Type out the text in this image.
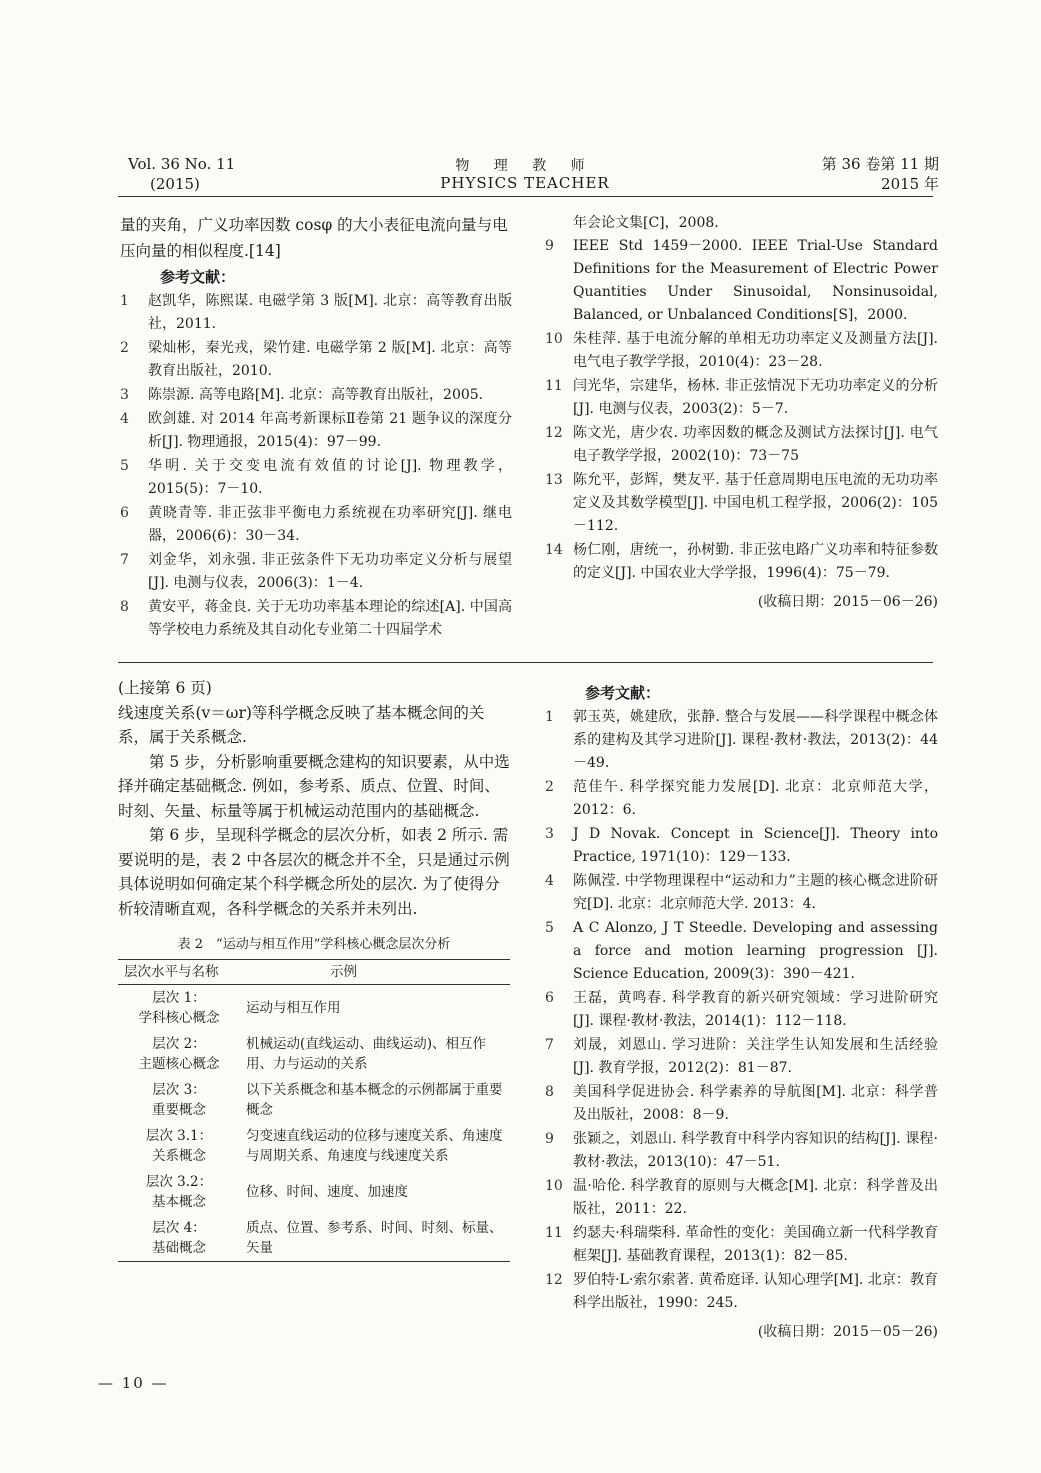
Vol. 36 No. 11
(2015)
物 理 教 师
PHYSICS TEACHER
第 36 卷第 11 期
2015 年
量的夹角，广义功率因数 cosφ 的大小表征电流向量与电压向量的相似程度.[14]
参考文献：
1	赵凯华，陈熙谋. 电磁学第 3 版[M]. 北京：高等教育出版社，2011.
2	梁灿彬，秦光戎，梁竹建. 电磁学第 2 版[M]. 北京：高等教育出版社，2010.
3	陈崇源. 高等电路[M]. 北京：高等教育出版社，2005.
4	欧剑雄. 对 2014 年高考新课标Ⅱ卷第 21 题争议的深度分析[J]. 物理通报，2015(4)：97－99.
5	华明. 关于交变电流有效值的讨论[J]. 物理教学，2015(5)：7－10.
6	黄晓青等. 非正弦非平衡电力系统视在功率研究[J]. 继电器，2006(6)：30－34.
7	刘金华，刘永强. 非正弦条件下无功功率定义分析与展望[J]. 电测与仪表，2006(3)：1－4.
8	黄安平，蒋金良. 关于无功功率基本理论的综述[A]. 中国高等学校电力系统及其自动化专业第二十四届学术
年会论文集[C]，2008.
9	IEEE Std 1459－2000. IEEE Trial-Use Standard Definitions for the Measurement of Electric Power Quantities Under Sinusoidal, Nonsinusoidal, Balanced, or Unbalanced Conditions[S]，2000.
10 朱桂萍. 基于电流分解的单相无功功率定义及测量方法[J]. 电气电子教学学报，2010(4)：23－28.
11 闫光华，宗建华，杨林. 非正弦情况下无功功率定义的分析[J]. 电测与仪表，2003(2)：5－7.
12 陈文光，唐少农. 功率因数的概念及测试方法探讨[J]. 电气电子教学学报，2002(10)：73－75
13 陈允平，彭辉，樊友平. 基于任意周期电压电流的无功功率定义及其数学模型[J]. 中国电机工程学报，2006(2)：105－112.
14 杨仁刚，唐统一，孙树勤. 非正弦电路广义功率和特征参数的定义[J]. 中国农业大学学报，1996(4)：75－79.
(收稿日期：2015－06－26)
(上接第 6 页)
线速度关系(v＝ωr)等科学概念反映了基本概念间的关系，属于关系概念.
第 5 步，分析影响重要概念建构的知识要素，从中选择并确定基础概念. 例如，参考系、质点、位置、时间、时刻、矢量、标量等属于机械运动范围内的基础概念.
第 6 步，呈现科学概念的层次分析，如表 2 所示. 需要说明的是，表 2 中各层次的概念并不全，只是通过示例具体说明如何确定某个科学概念所处的层次. 为了使得分析较清晰直观，各科学概念的关系并未列出.
表 2　“运动与相互作用”学科核心概念层次分析
层次水平与名称	示例

层次 1：
学科核心概念	运动与相互作用

层次 2：
主题核心概念	机械运动(直线运动、曲线运动)、相互作用、力与运动的关系

层次 3：
重要概念	以下关系概念和基本概念的示例都属于重要概念

层次 3.1：
关系概念	匀变速直线运动的位移与速度关系、角速度与周期关系、角速度与线速度关系

层次 3.2：
基本概念	位移、时间、速度、加速度

层次 4：
基础概念	质点、位置、参考系、时间、时刻、标量、矢量
参考文献：
1	郭玉英，姚建欣，张静. 整合与发展——科学课程中概念体系的建构及其学习进阶[J]. 课程·教材·教法，2013(2)：44－49.
2	范佳午. 科学探究能力发展[D]. 北京：北京师范大学，2012：6.
3	J D Novak. Concept in Science[J]. Theory into Practice, 1971(10)：129－133.
4	陈佩滢. 中学物理课程中“运动和力”主题的核心概念进阶研究[D]. 北京：北京师范大学. 2013：4.
5	A C Alonzo, J T Steedle. Developing and assessing a force and motion learning progression [J]. Science Education, 2009(3)：390－421.
6	王磊，黄鸣春. 科学教育的新兴研究领域：学习进阶研究[J]. 课程·教材·教法，2014(1)：112－118.
7	刘晟，刘恩山. 学习进阶：关注学生认知发展和生活经验[J]. 教育学报，2012(2)：81－87.
8	美国科学促进协会. 科学素养的导航图[M]. 北京：科学普及出版社，2008：8－9.
9	张颖之，刘恩山. 科学教育中科学内容知识的结构[J]. 课程·教材·教法，2013(10)：47－51.
10 温·哈伦. 科学教育的原则与大概念[M]. 北京：科学普及出版社，2011：22.
11 约瑟夫·科瑞柴科. 革命性的变化：美国确立新一代科学教育框架[J]. 基础教育课程，2013(1)：82－85.
12 罗伯特·L·索尔索著. 黄希庭译. 认知心理学[M]. 北京：教育科学出版社，1990：245.
(收稿日期：2015－05－26)
— 10 —
